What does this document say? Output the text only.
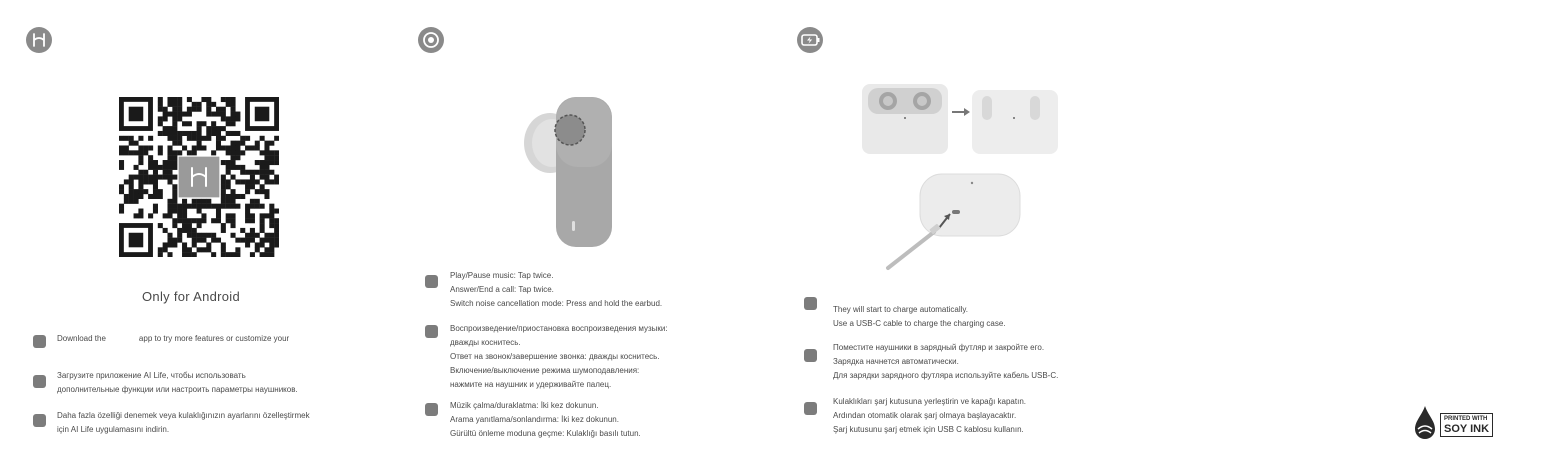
Only for Android
Download the	app to try more features or customize your
Загрузите приложение AI Life, чтобы использовать
дополнительные функции или настроить параметры наушников.
Daha fazla özelliği denemek veya kulaklığınızın ayarlarını özelleştirmek
için AI Life uygulamasını indirin.
Play/Pause music: Tap twice.
Answer/End a call: Tap twice.
Switch noise cancellation mode: Press and hold the earbud.
Воспроизведение/приостановка воспроизведения музыки:
дважды коснитесь.
Ответ на звонок/завершение звонка: дважды коснитесь.
Включение/выключение режима шумоподавления:
нажмите на наушник и удерживайте палец.
Müzik çalma/duraklatma: İki kez dokunun.
Arama yanıtlama/sonlandırma: İki kez dokunun.
Gürültü önleme moduna geçme: Kulaklığı basılı tutun.
They will start to charge automatically.
Use a USB-C cable to charge the charging case.
Поместите наушники в зарядный футляр и закройте его.
Зарядка начнется автоматически.
Для зарядки зарядного футляра используйте кабель USB-C.
Kulaklıkları şarj kutusuna yerleştirin ve kapağı kapatın.
Ardından otomatik olarak şarj olmaya başlayacaktır.
Şarj kutusunu şarj etmek için USB C kablosu kullanın.
PRINTED WITH
SOY INK
